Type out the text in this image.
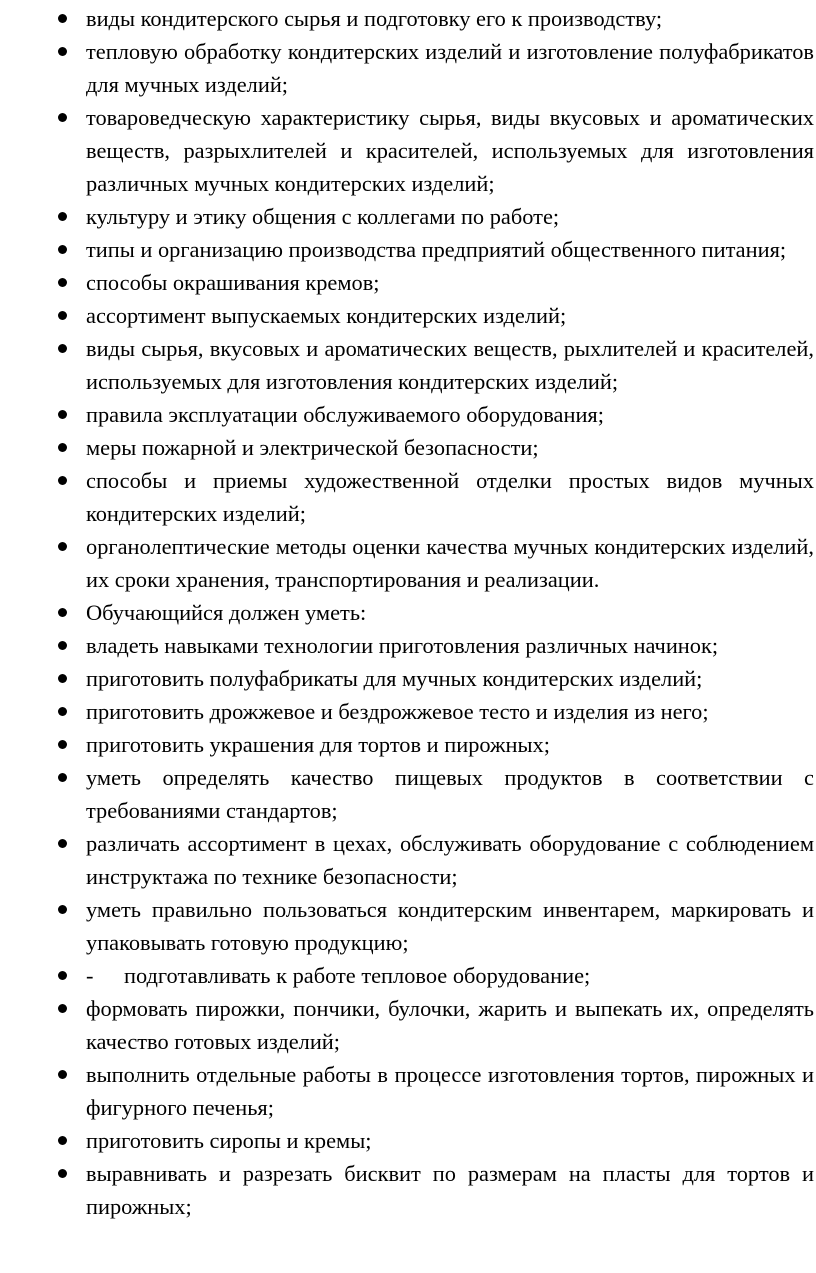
виды кондитерского сырья и подготовку его к производству;
тепловую обработку кондитерских изделий и изготовление полуфабрикатов для мучных изделий;
товароведческую характеристику сырья, виды вкусовых и ароматических веществ, разрыхлителей и красителей, используемых для изготовления различных мучных кондитерских изделий;
культуру и этику общения с коллегами по работе;
типы и организацию производства предприятий общественного питания;
способы окрашивания кремов;
ассортимент выпускаемых кондитерских изделий;
виды сырья, вкусовых и ароматических веществ, рыхлителей и красителей, используемых для изготовления кондитерских изделий;
правила эксплуатации обслуживаемого оборудования;
меры пожарной и электрической безопасности;
способы и приемы художественной отделки простых видов мучных кондитерских изделий;
органолептические методы оценки качества мучных кондитерских изделий, их сроки хранения, транспортирования и реализации.
Обучающийся должен уметь:
владеть навыками технологии приготовления различных начинок;
приготовить полуфабрикаты для мучных кондитерских изделий;
приготовить дрожжевое и бездрожжевое тесто и изделия из него;
приготовить украшения для тортов и пирожных;
уметь определять качество пищевых продуктов в соответствии с требованиями стандартов;
различать ассортимент в цехах, обслуживать оборудование с соблюдением инструктажа по технике безопасности;
уметь правильно пользоваться кондитерским инвентарем, маркировать и упаковывать готовую продукцию;
- подготавливать к работе тепловое оборудование;
формовать пирожки, пончики, булочки, жарить и выпекать их, определять качество готовых изделий;
выполнить отдельные работы в процессе изготовления тортов, пирожных и фигурного печенья;
приготовить сиропы и кремы;
выравнивать и разрезать бисквит по размерам на пласты для тортов и пирожных;
